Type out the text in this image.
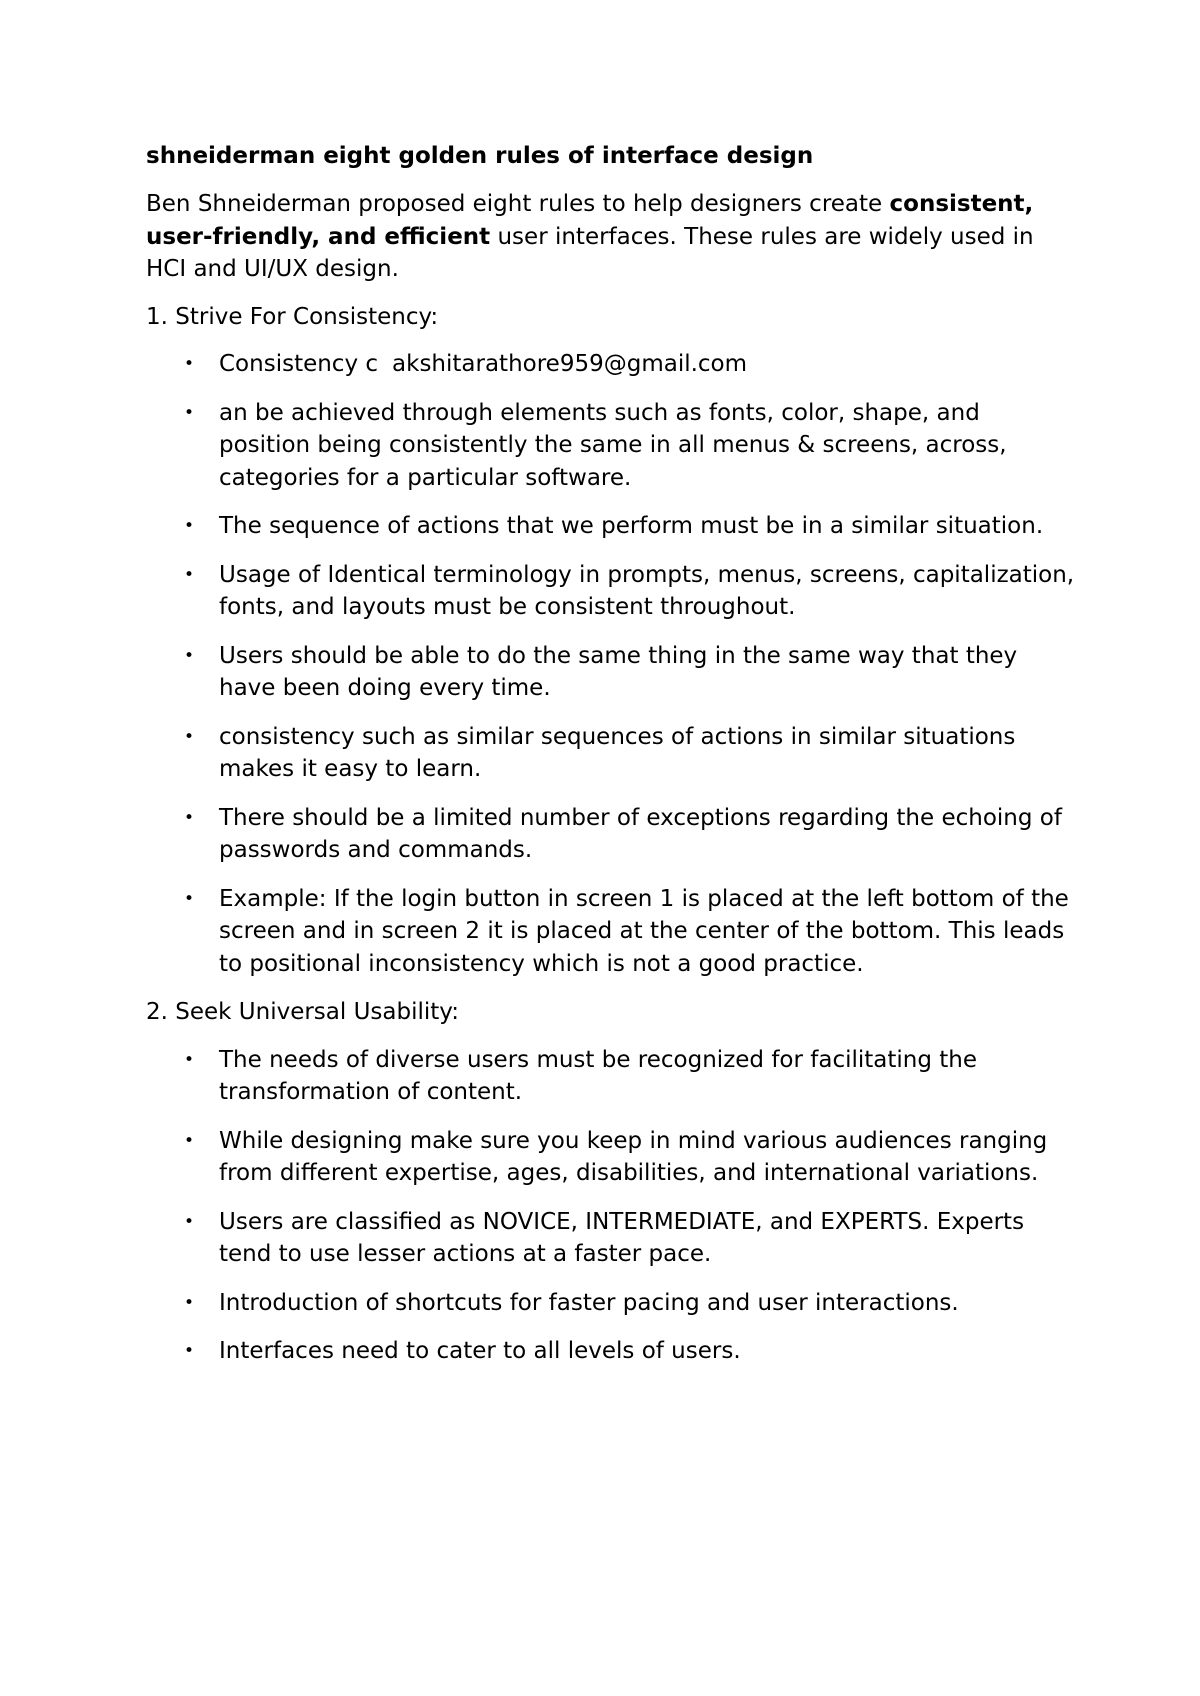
shneiderman eight golden rules of interface design

Ben Shneiderman proposed eight rules to help designers create consistent, user-friendly, and efficient user interfaces. These rules are widely used in HCI and UI/UX design.

1. Strive For Consistency:
• Consistency c akshitarathore959@gmail.com
• an be achieved through elements such as fonts, color, shape, and position being consistently the same in all menus & screens, across, categories for a particular software.
• The sequence of actions that we perform must be in a similar situation.
• Usage of Identical terminology in prompts, menus, screens, capitalization, fonts, and layouts must be consistent throughout.
• Users should be able to do the same thing in the same way that they have been doing every time.
• consistency such as similar sequences of actions in similar situations makes it easy to learn.
• There should be a limited number of exceptions regarding the echoing of passwords and commands.
• Example: If the login button in screen 1 is placed at the left bottom of the screen and in screen 2 it is placed at the center of the bottom. This leads to positional inconsistency which is not a good practice.
2. Seek Universal Usability:
• The needs of diverse users must be recognized for facilitating the transformation of content.
• While designing make sure you keep in mind various audiences ranging from different expertise, ages, disabilities, and international variations.
• Users are classified as NOVICE, INTERMEDIATE, and EXPERTS. Experts tend to use lesser actions at a faster pace.
• Introduction of shortcuts for faster pacing and user interactions.
• Interfaces need to cater to all levels of users.
